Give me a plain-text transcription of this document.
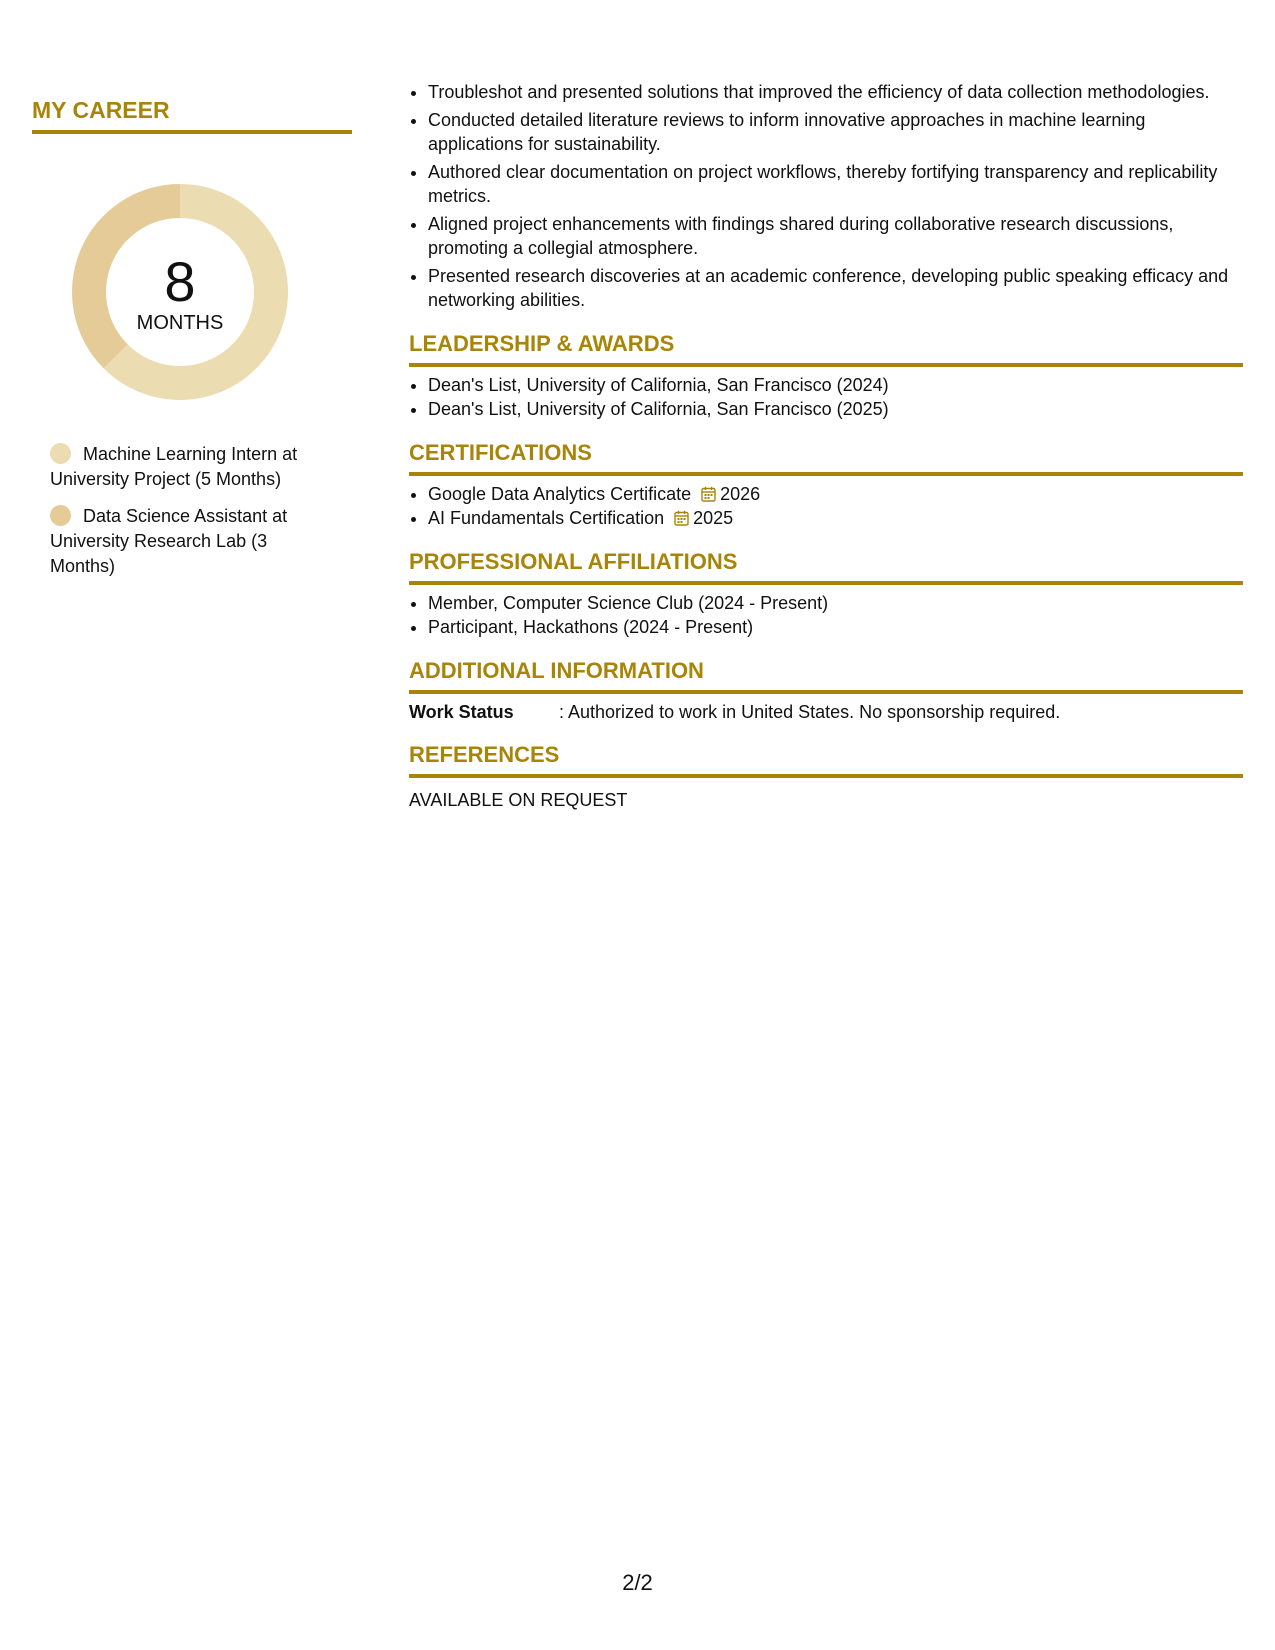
MY CAREER
8
MONTHS
Machine Learning Intern at University Project (5 Months)
Data Science Assistant at University Research Lab (3 Months)
• Troubleshot and presented solutions that improved the efficiency of data collection methodologies.
• Conducted detailed literature reviews to inform innovative approaches in machine learning applications for sustainability.
• Authored clear documentation on project workflows, thereby fortifying transparency and replicability metrics.
• Aligned project enhancements with findings shared during collaborative research discussions, promoting a collegial atmosphere.
• Presented research discoveries at an academic conference, developing public speaking efficacy and networking abilities.
LEADERSHIP & AWARDS
• Dean's List, University of California, San Francisco (2024)
• Dean's List, University of California, San Francisco (2025)
CERTIFICATIONS
• Google Data Analytics Certificate 2026
• AI Fundamentals Certification 2025
PROFESSIONAL AFFILIATIONS
• Member, Computer Science Club (2024 - Present)
• Participant, Hackathons (2024 - Present)
ADDITIONAL INFORMATION
Work Status	: Authorized to work in United States. No sponsorship required.
REFERENCES
AVAILABLE ON REQUEST
2/2
